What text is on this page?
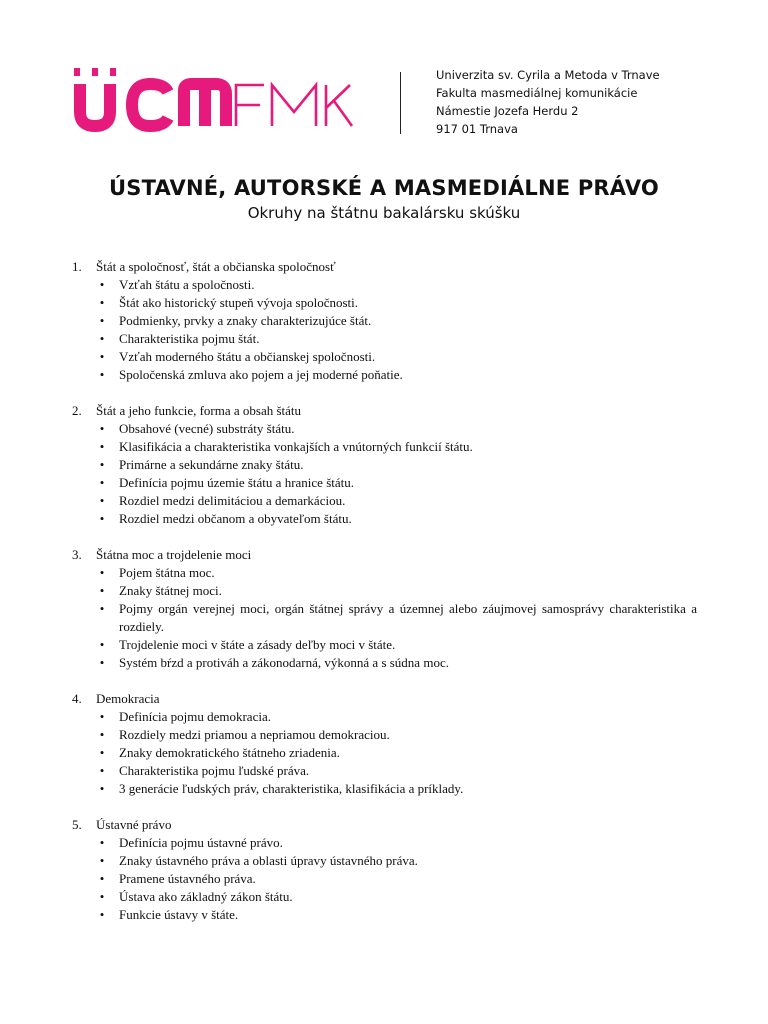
Univerzita sv. Cyrila a Metoda v Trnave
Fakulta masmediálnej komunikácie
Námestie Jozefa Herdu 2
917 01 Trnava
ÚSTAVNÉ, AUTORSKÉ A MASMEDIÁLNE PRÁVO
Okruhy na štátnu bakalársku skúšku
1.	Štát a spoločnosť, štát a občianska spoločnosť
• Vzťah štátu a spoločnosti.
• Štát ako historický stupeň vývoja spoločnosti.
• Podmienky, prvky a znaky charakterizujúce štát.
• Charakteristika pojmu štát.
• Vzťah moderného štátu a občianskej spoločnosti.
• Spoločenská zmluva ako pojem a jej moderné poňatie.
2.	Štát a jeho funkcie, forma a obsah štátu
• Obsahové (vecné) substráty štátu.
• Klasifikácia a charakteristika vonkajších a vnútorných funkcií štátu.
• Primárne a sekundárne znaky štátu.
• Definícia pojmu územie štátu a hranice štátu.
• Rozdiel medzi delimitáciou a demarkáciou.
• Rozdiel medzi občanom a obyvateľom štátu.
3.	Štátna moc a trojdelenie moci
• Pojem štátna moc.
• Znaky štátnej moci.
• Pojmy orgán verejnej moci, orgán štátnej správy a územnej alebo záujmovej samosprávy charakteristika a rozdiely.
• Trojdelenie moci v štáte a zásady deľby moci v štáte.
• Systém bŕzd a protiváh a zákonodarná, výkonná a s súdna moc.
4.	Demokracia
• Definícia pojmu demokracia.
• Rozdiely medzi priamou a nepriamou demokraciou.
• Znaky demokratického štátneho zriadenia.
• Charakteristika pojmu ľudské práva.
• 3 generácie ľudských práv, charakteristika, klasifikácia a príklady.
5.	Ústavné právo
• Definícia pojmu ústavné právo.
• Znaky ústavného práva a oblasti úpravy ústavného práva.
• Pramene ústavného práva.
• Ústava ako základný zákon štátu.
• Funkcie ústavy v štáte.
